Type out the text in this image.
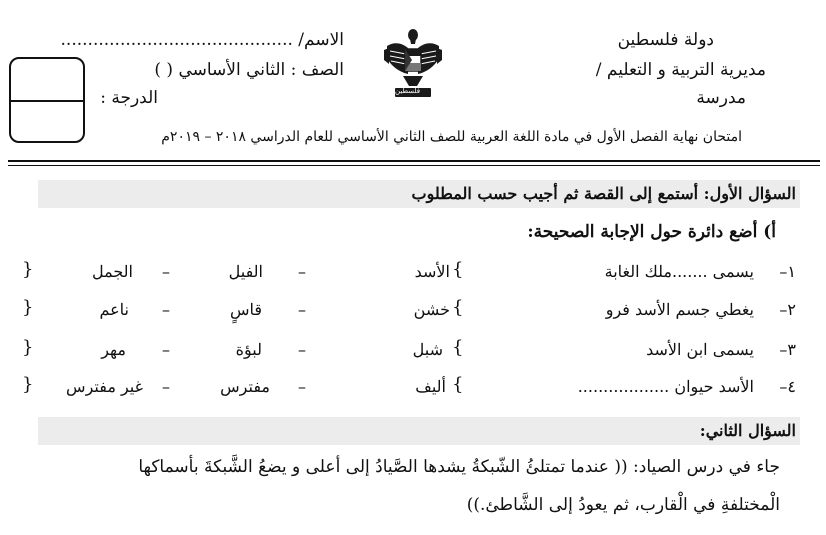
دولة فلسطين
مديرية التربية و التعليم /
مدرسة
فلسطين
الاسم/ ...........................................
الصف : الثاني الأساسي ( )
الدرجة :
امتحان نهاية الفصل الأول في مادة اللغة العربية للصف الثاني الأساسي للعام الدراسي ٢٠١٨ – ٢٠١٩م
السؤال الأول: أستمع إلى القصة ثم أجيب حسب المطلوب
أ) أضع دائرة حول الإجابة الصحيحة:
١–
يسمى .......ملك الغابة
{
الأسد
–
الفيل
–
الجمل
}
٢–
يغطي جسم الأسد فرو
{
خشن
–
قاسٍ
–
ناعم
}
٣–
يسمى ابن الأسد
{
شبل
–
لبؤة
–
مهر
}
٤–
الأسد حيوان ..................
{
أليف
–
مفترس
–
غير مفترس
}
السؤال الثاني:
جاء في درس الصياد: (( عندما تمتلئُ الشّبكةُ يشدها الصَّيادُ إلى أعلى و يضعُ الشَّبكةَ بأسماكها
الْمختلفةِ في الْقارب، ثم يعودُ إلى الشَّاطئ.))
